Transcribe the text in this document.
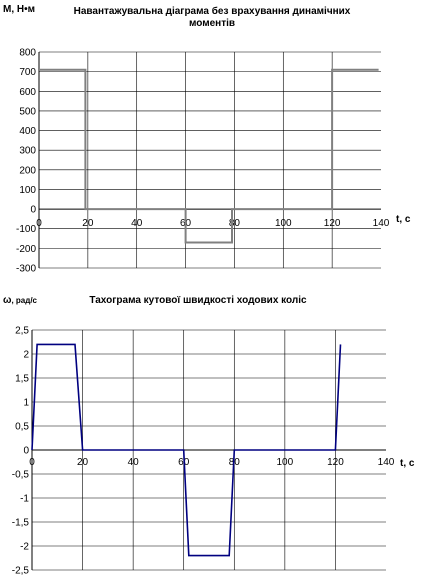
Навантажувальна діаграма без врахування динамічних
моментів
М, Н•м
t, с
800
700
600
500
400
300
200
100
0
-100
-200
-300
0	20	40	60	80	100	120	140
Тахограма кутової швидкості ходових коліс
ω, рад/с
t, с
2,5
2
1,5
1
0,5
0
-0,5
-1
-1,5
-2
-2,5
0	20	40	60	80	100	120	140
